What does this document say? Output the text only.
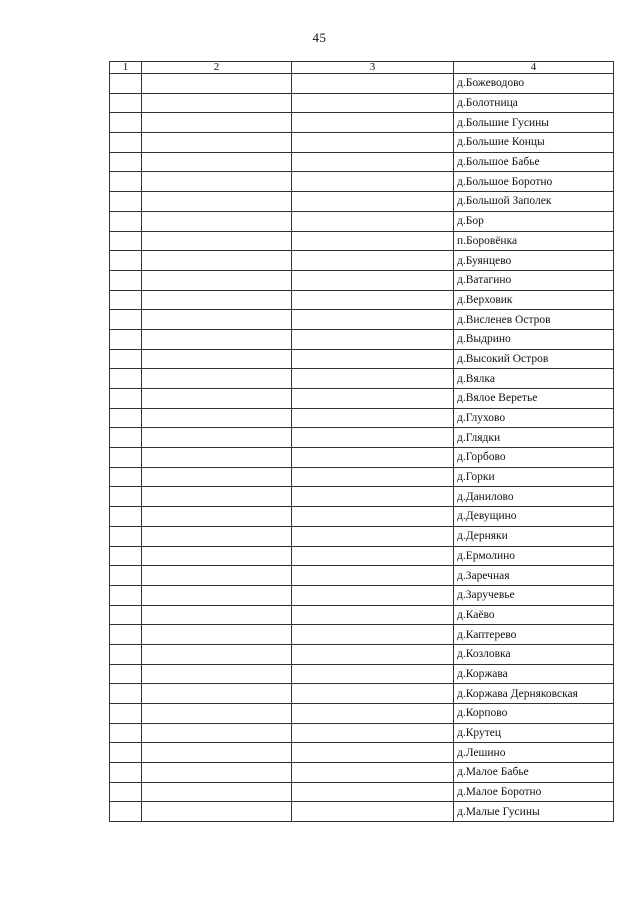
45
1	2	3	4
			д.Божеводово
			д.Болотница
			д.Большие Гусины
			д.Большие Концы
			д.Большое Бабье
			д.Большое Боротно
			д.Большой Заполек
			д.Бор
			п.Боровёнка
			д.Буянцево
			д.Ватагино
			д.Верховик
			д.Висленев Остров
			д.Выдрино
			д.Высокий Остров
			д.Вялка
			д.Вялое Веретье
			д.Глухово
			д.Глядки
			д.Горбово
			д.Горки
			д.Данилово
			д.Девущино
			д.Дерняки
			д.Ермолино
			д.Заречная
			д.Заручевье
			д.Каёво
			д.Каптерево
			д.Козловка
			д.Коржава
			д.Коржава Дерняковская
			д.Корпово
			д.Крутец
			д.Лешино
			д.Малое Бабье
			д.Малое Боротно
			д.Малые Гусины
